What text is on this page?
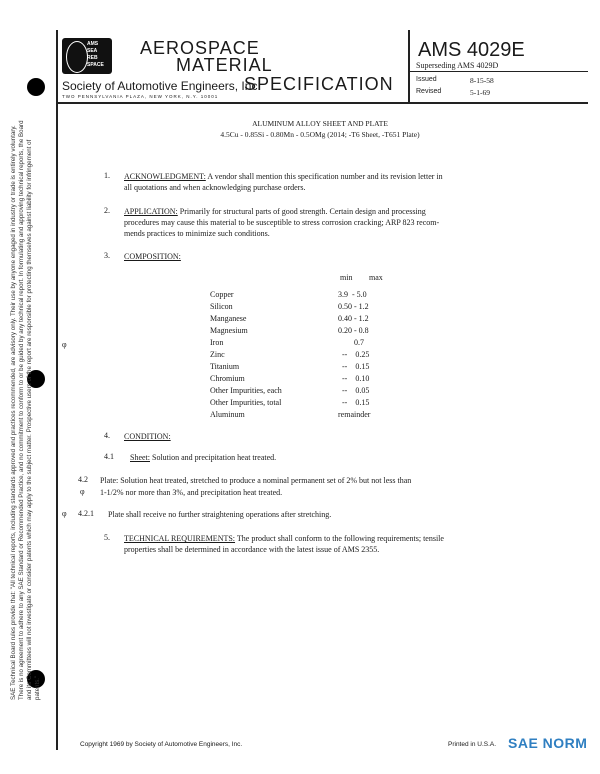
SAE Technical Board rules provide that: "All technical reports, including standards approved and practices recommended, are advisory only. Their use by anyone engaged in industry or trade is entirely voluntary. There is no agreement to adhere to any SAE Standard or Recommended Practice, and no commitment to conform to or be guided by any technical report. In formulating and approving technical reports, the Board and its Committees will not investigate or consider patents which may apply to the subject matter. Prospective users of the report are responsible for protecting themselves against liability for infringement of patents."
AMS
SEA
REB
SPACE
AEROSPACE
MATERIAL
SPECIFICATION
Society of Automotive Engineers, Inc.
TWO PENNSYLVANIA PLAZA, NEW YORK, N.Y. 10001
AMS 4029E
Superseding AMS 4029D
Issued	8-15-58
Revised	5-1-69
ALUMINUM ALLOY SHEET AND PLATE
4.5Cu - 0.85Si - 0.80Mn - 0.5OMg (2014; -T6 Sheet, -T651 Plate)
1. ACKNOWLEDGMENT: A vendor shall mention this specification number and its revision letter in
all quotations and when acknowledging purchase orders.
2. APPLICATION: Primarily for structural parts of good strength. Certain design and processing
procedures may cause this material to be susceptible to stress corrosion cracking; ARP 823 recom-
mends practices to minimize such conditions.
3. COMPOSITION:
min max
Copper	3.9  - 5.0
Silicon	0.50 - 1.2
Manganese	0.40 - 1.2
Magnesium	0.20 - 0.8
Iron	0.7
Zinc	--    0.25
Titanium	--    0.15
Chromium	--    0.10
Other Impurities, each	--    0.05
Other Impurities, total	--    0.15
Aluminum	remainder
φ
4. CONDITION:
4.1 Sheet: Solution and precipitation heat treated.
4.2 Plate: Solution heat treated, stretched to produce a nominal permanent set of 2% but not less than
φ 1-1/2% nor more than 3%, and precipitation heat treated.
φ 4.2.1 Plate shall receive no further straightening operations after stretching.
5. TECHNICAL REQUIREMENTS: The product shall conform to the following requirements; tensile
properties shall be determined in accordance with the latest issue of AMS 2355.
Copyright 1969 by Society of Automotive Engineers, Inc.	Printed in U.S.A. SAE NORM
